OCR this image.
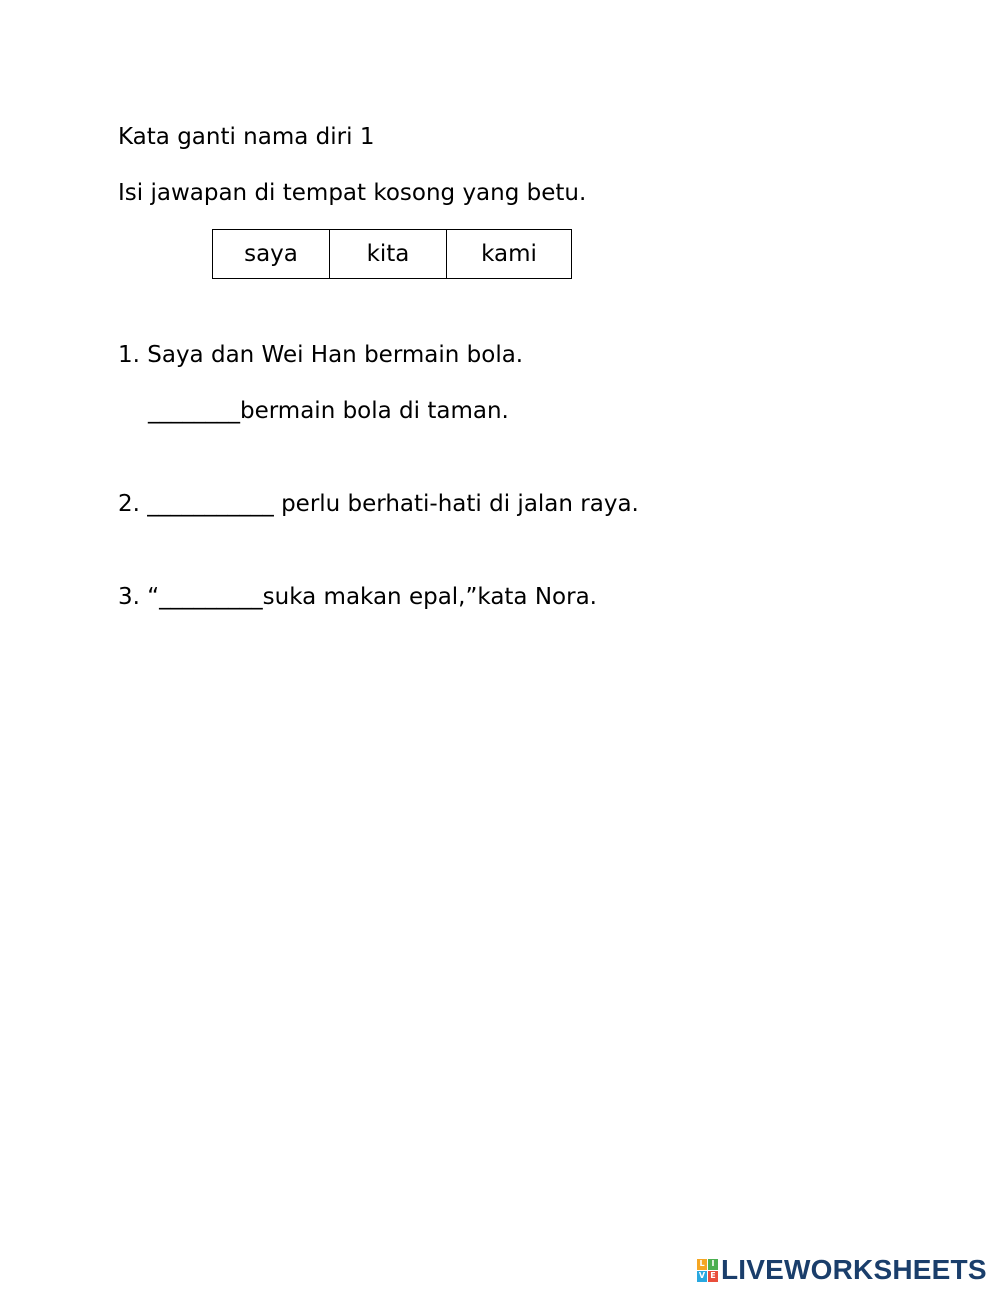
Kata ganti nama diri 1
Isi jawapan di tempat kosong yang betu.
saya	kita	kami
1. Saya dan Wei Han bermain bola.
________bermain bola di taman.
2. ___________ perlu berhati-hati di jalan raya.
3. “_________suka makan epal,”kata Nora.
L I
V E LIVEWORKSHEETS
